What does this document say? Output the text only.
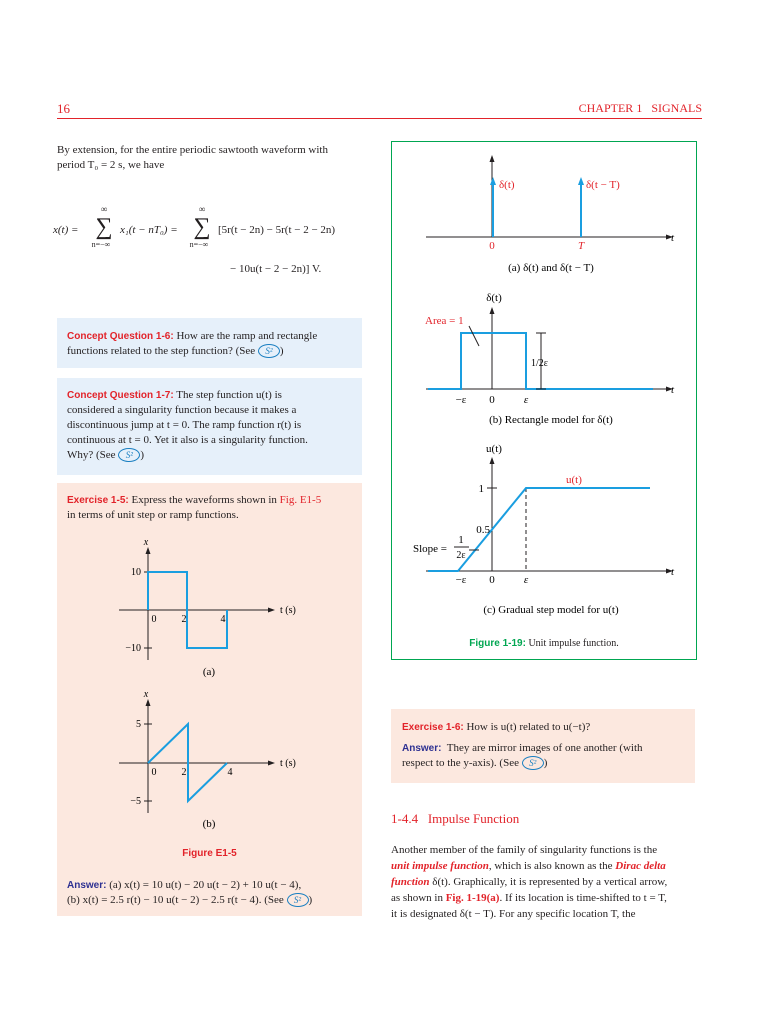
16	CHAPTER 1   SIGNALS
By extension, for the entire periodic sawtooth waveform with
period T₀ = 2 s, we have
x(t) =
∞
∑
n=−∞
x₁(t − nT₀) =
∞
∑
n=−∞
[5r(t − 2n) − 5r(t − 2 − 2n)
− 10u(t − 2 − 2n)] V.
Concept Question 1-6: How are the ramp and rectangle
functions related to the step function? (See S² )
Concept Question 1-7: The step function u(t) is
considered a singularity function because it makes a
discontinuous jump at t = 0. The ramp function r(t) is
continuous at t = 0. Yet it also is a singularity function.
Why? (See S² )
Exercise 1-5: Express the waveforms shown in Fig. E1-5
in terms of unit step or ramp functions.
x
t (s)
10
−10
0	2	4
(a)
x
t (s)
5
−5
0	2	4
(b)
Figure E1-5
Answer: (a) x(t) = 10 u(t) − 20 u(t − 2) + 10 u(t − 4),
(b) x(t) = 2.5 r(t) − 10 u(t − 2) − 2.5 r(t − 4). (See S² )
δ(t)	δ(t − T)
0	T
t
(a) δ(t) and δ(t − T)
δ(t)
Area = 1
1/2ε
−ε 0	ε
t
(b) Rectangle model for δ(t)
u(t)
u(t)
1
0.5
Slope =
1
2ε
−ε 0	ε
t
(c) Gradual step model for u(t)
Figure 1-19: Unit impulse function.
Exercise 1-6: How is u(t) related to u(−t)?
Answer:  They are mirror images of one another (with
respect to the y-axis). (See S² )
1-4.4 Impulse Function
Another member of the family of singularity functions is the
unit impulse function, which is also known as the Dirac delta
function δ(t). Graphically, it is represented by a vertical arrow,
as shown in Fig. 1-19(a). If its location is time-shifted to t = T,
it is designated δ(t − T). For any specific location T, the
